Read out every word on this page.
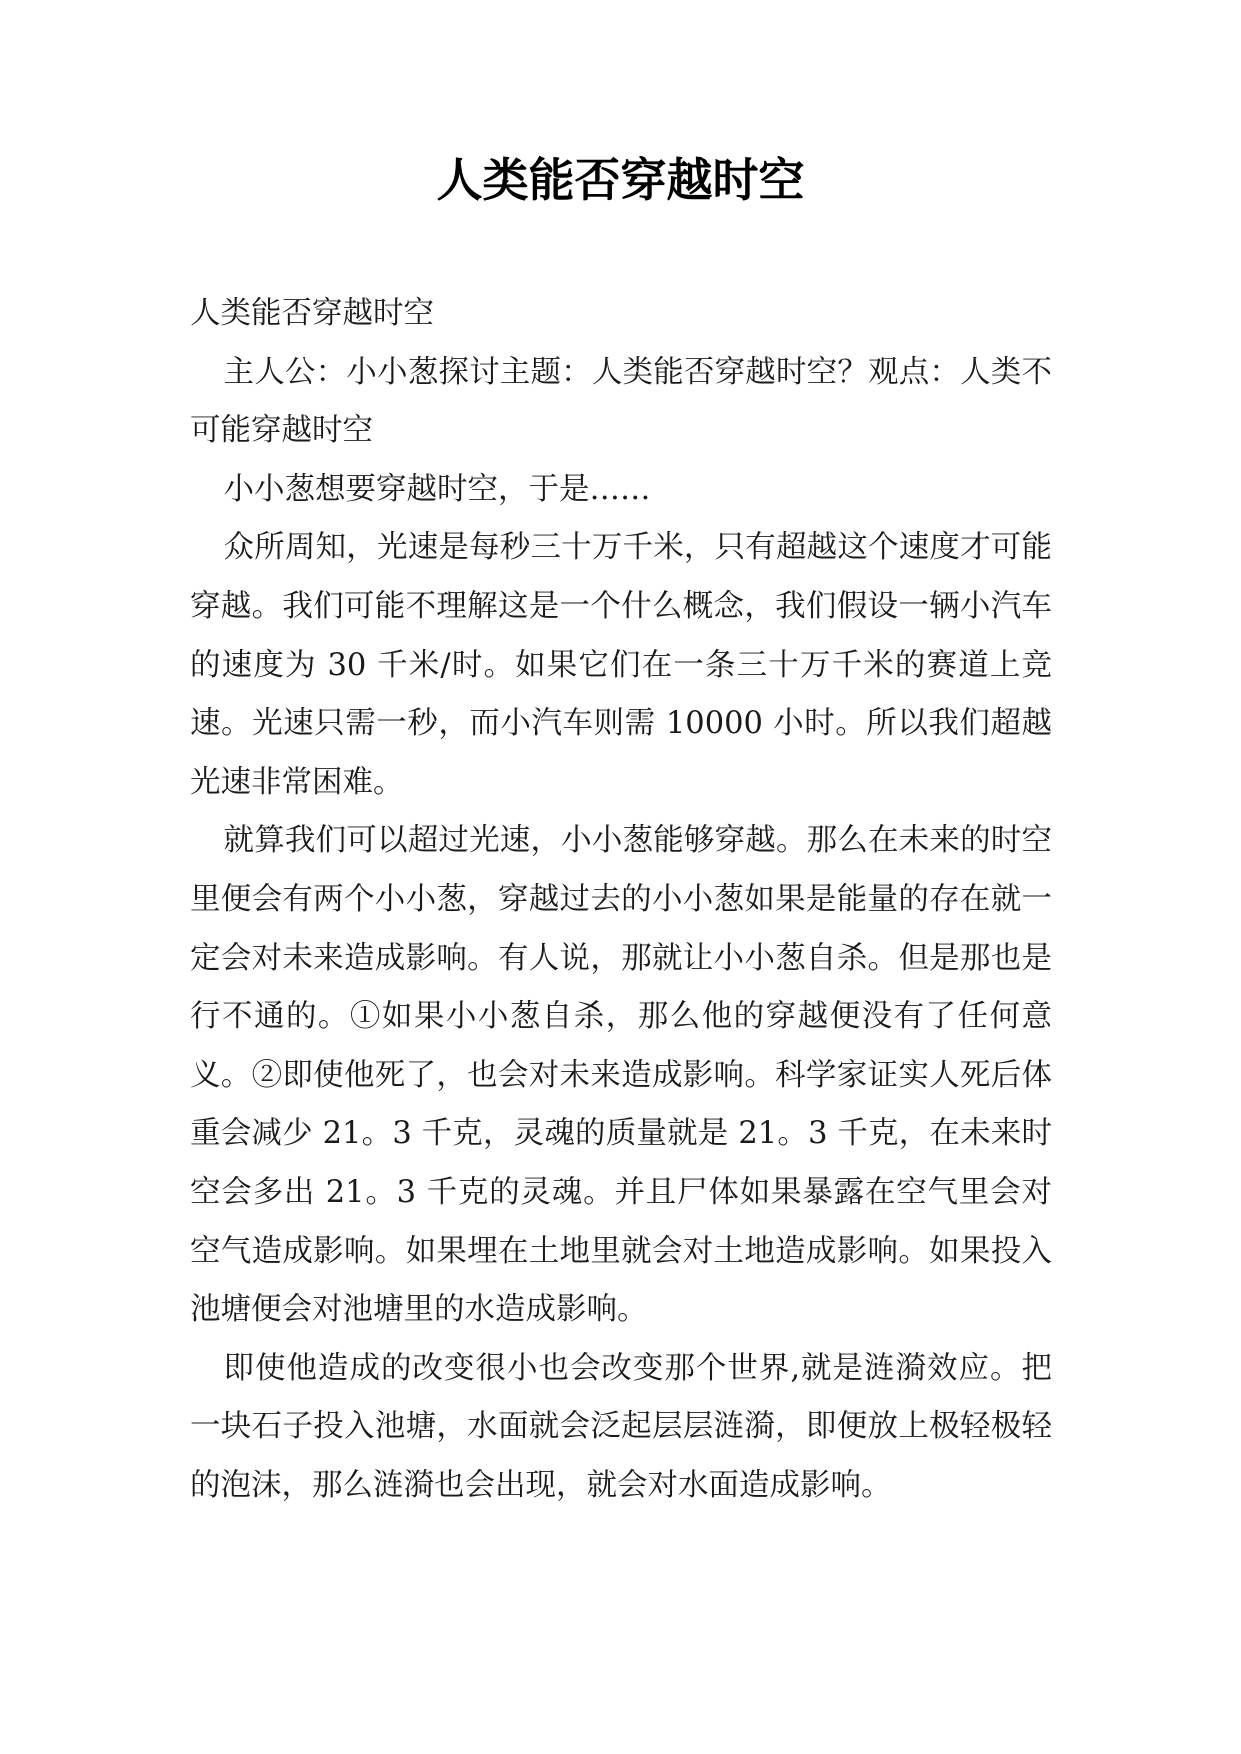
人类能否穿越时空

人类能否穿越时空

主人公：小小葱探讨主题：人类能否穿越时空？观点：人类不可能穿越时空

小小葱想要穿越时空，于是……

众所周知，光速是每秒三十万千米，只有超越这个速度才可能穿越。我们可能不理解这是一个什么概念，我们假设一辆小汽车的速度为 30 千米/时。如果它们在一条三十万千米的赛道上竞速。光速只需一秒，而小汽车则需 10000 小时。所以我们超越光速非常困难。

就算我们可以超过光速，小小葱能够穿越。那么在未来的时空里便会有两个小小葱，穿越过去的小小葱如果是能量的存在就一定会对未来造成影响。有人说，那就让小小葱自杀。但是那也是行不通的。①如果小小葱自杀，那么他的穿越便没有了任何意义。②即使他死了，也会对未来造成影响。科学家证实人死后体重会减少 21。3 千克，灵魂的质量就是 21。3 千克，在未来时空会多出 21。3 千克的灵魂。并且尸体如果暴露在空气里会对空气造成影响。如果埋在土地里就会对土地造成影响。如果投入池塘便会对池塘里的水造成影响。

即使他造成的改变很小也会改变那个世界,就是涟漪效应。把一块石子投入池塘，水面就会泛起层层涟漪，即便放上极轻极轻的泡沫，那么涟漪也会出现，就会对水面造成影响。
